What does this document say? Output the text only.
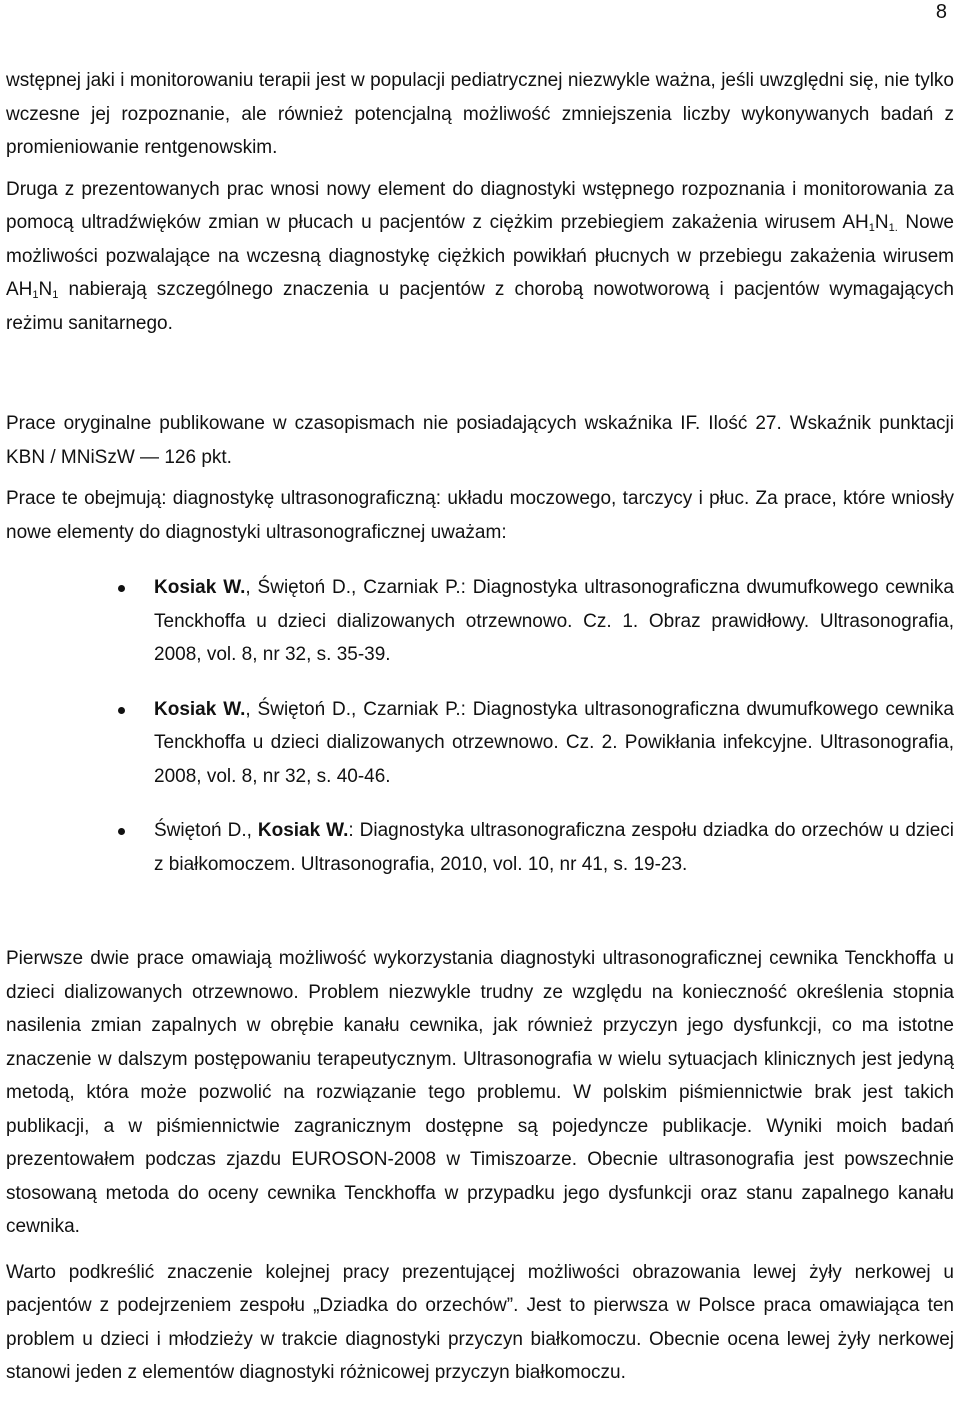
8

wstępnej jaki i monitorowaniu terapii jest w populacji pediatrycznej niezwykle ważna, jeśli uwzględni się, nie tylko wczesne jej rozpoznanie, ale również potencjalną możliwość zmniejszenia liczby wykonywanych badań z promieniowanie rentgenowskim.

Druga z prezentowanych prac wnosi nowy element do diagnostyki wstępnego rozpoznania i monitorowania za pomocą ultradźwięków zmian w płucach u pacjentów z ciężkim przebiegiem zakażenia wirusem $AH_1N_{1.}$ Nowe możliwości pozwalające na wczesną diagnostykę ciężkich powikłań płucnych w przebiegu zakażenia wirusem $AH_1N_1$ nabierają szczególnego znaczenia u pacjentów z chorobą nowotworową i pacjentów wymagających reżimu sanitarnego.

Prace oryginalne publikowane w czasopismach nie posiadających wskaźnika IF. Ilość 27. Wskaźnik punktacji KBN / MNiSzW — 126 pkt.

Prace te obejmują: diagnostykę ultrasonograficzną: układu moczowego, tarczycy i płuc. Za prace, które wniosły nowe elementy do diagnostyki ultrasonograficznej uważam:

Kosiak W., Świętoń D., Czarniak P.: Diagnostyka ultrasonograficzna dwumufkowego cewnika Tenckhoffa u dzieci dializowanych otrzewnowo. Cz. 1. Obraz prawidłowy. Ultrasonografia, 2008, vol. 8, nr 32, s. 35-39.
Kosiak W., Świętoń D., Czarniak P.: Diagnostyka ultrasonograficzna dwumufkowego cewnika Tenckhoffa u dzieci dializowanych otrzewnowo. Cz. 2. Powikłania infekcyjne. Ultrasonografia, 2008, vol. 8, nr 32, s. 40-46.
Świętoń D., Kosiak W.: Diagnostyka ultrasonograficzna zespołu dziadka do orzechów u dzieci z białkomoczem. Ultrasonografia, 2010, vol. 10, nr 41, s. 19-23.

Pierwsze dwie prace omawiają możliwość wykorzystania diagnostyki ultrasonograficznej cewnika Tenckhoffa u dzieci dializowanych otrzewnowo. Problem niezwykle trudny ze względu na konieczność określenia stopnia nasilenia zmian zapalnych w obrębie kanału cewnika, jak również przyczyn jego dysfunkcji, co ma istotne znaczenie w dalszym postępowaniu terapeutycznym. Ultrasonografia w wielu sytuacjach klinicznych jest jedyną metodą, która może pozwolić na rozwiązanie tego problemu. W polskim piśmiennictwie brak jest takich publikacji, a w piśmiennictwie zagranicznym dostępne są pojedyncze publikacje. Wyniki moich badań prezentowałem podczas zjazdu EUROSON-2008 w Timiszoarze. Obecnie ultrasonografia jest powszechnie stosowaną metoda do oceny cewnika Tenckhoffa w przypadku jego dysfunkcji oraz stanu zapalnego kanału cewnika.

Warto podkreślić znaczenie kolejnej pracy prezentującej możliwości obrazowania lewej żyły nerkowej u pacjentów z podejrzeniem zespołu „Dziadka do orzechów”. Jest to pierwsza w Polsce praca omawiająca ten problem u dzieci i młodzieży w trakcie diagnostyki przyczyn białkomoczu. Obecnie ocena lewej żyły nerkowej stanowi jeden z elementów diagnostyki różnicowej przyczyn białkomoczu.
